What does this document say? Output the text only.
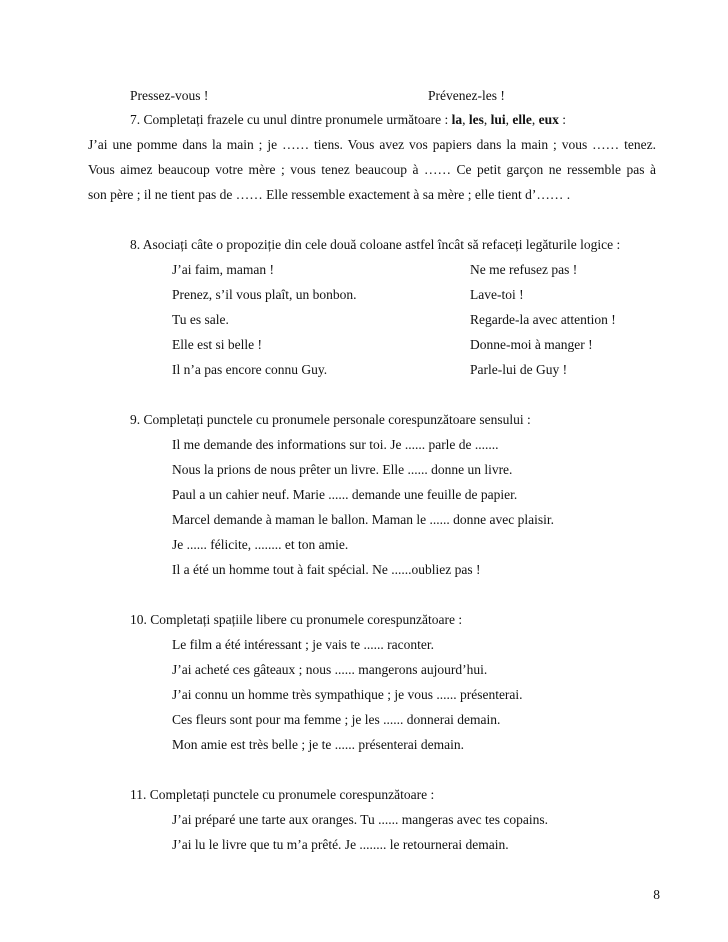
Pressez-vous !	Prévenez-les !
7. Completați frazele cu unul dintre pronumele următoare : la, les, lui, elle, eux :
J’ai une pomme dans la main ; je …… tiens. Vous avez vos papiers dans la main ; vous …… tenez.
Vous aimez beaucoup votre mère ; vous tenez beaucoup à …… Ce petit garçon ne ressemble pas à
son père ; il ne tient pas de …… Elle ressemble exactement à sa mère ; elle tient d’…… .
8. Asociați câte o propoziție din cele două coloane astfel încât să refaceți legăturile logice :
J’ai faim, maman !	Ne me refusez pas !
Prenez, s’il vous plaît, un bonbon.	Lave-toi !
Tu es sale.	Regarde-la avec attention !
Elle est si belle !	Donne-moi à manger !
Il n’a pas encore connu Guy.	Parle-lui de Guy !
9. Completați punctele cu pronumele personale corespunzătoare sensului :
Il me demande des informations sur toi. Je ...... parle de .......
Nous la prions de nous prêter un livre. Elle ...... donne un livre.
Paul a un cahier neuf. Marie ...... demande une feuille de papier.
Marcel demande à maman le ballon. Maman le ...... donne avec plaisir.
Je ...... félicite, ........ et ton amie.
Il a été un homme tout à fait spécial. Ne ......oubliez pas !
10. Completați spațiile libere cu pronumele corespunzătoare :
Le film a été intéressant ; je vais te ...... raconter.
J’ai acheté ces gâteaux ; nous ...... mangerons aujourd’hui.
J’ai connu un homme très sympathique ; je vous ...... présenterai.
Ces fleurs sont pour ma femme ; je les ...... donnerai demain.
Mon amie est très belle ; je te ...... présenterai demain.
11. Completați punctele cu pronumele corespunzătoare :
J’ai préparé une tarte aux oranges. Tu ...... mangeras avec tes copains.
J’ai lu le livre que tu m’a prêté. Je ........ le retournerai demain.
8
